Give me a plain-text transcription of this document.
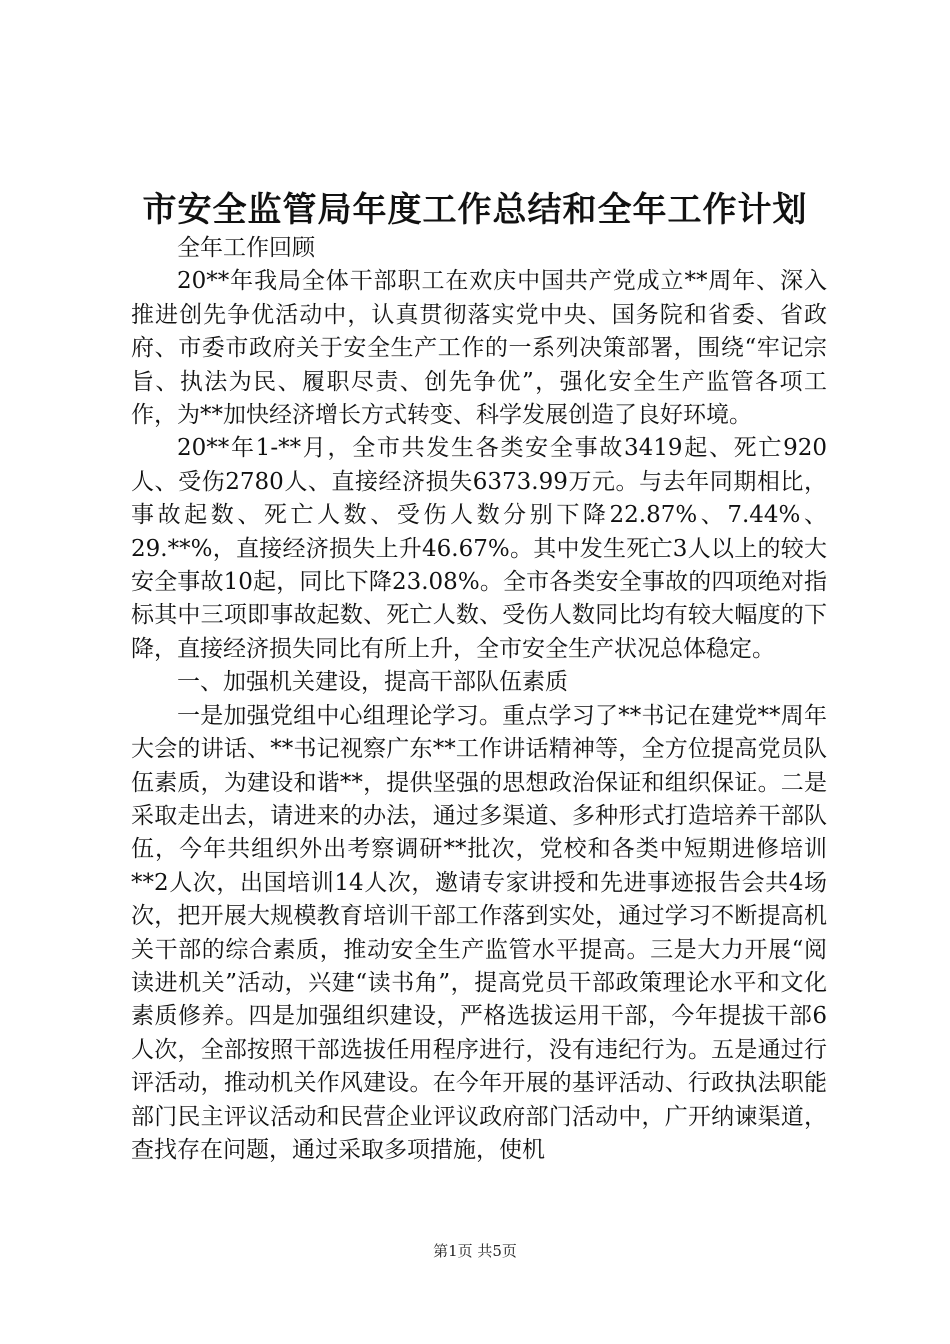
市安全监管局年度工作总结和全年工作计划

全年工作回顾

20**年我局全体干部职工在欢庆中国共产党成立**周年、深入推进创先争优活动中，认真贯彻落实党中央、国务院和省委、省政府、市委市政府关于安全生产工作的一系列决策部署，围绕“牢记宗旨、执法为民、履职尽责、创先争优”，强化安全生产监管各项工作，为**加快经济增长方式转变、科学发展创造了良好环境。

20**年1-**月，全市共发生各类安全事故3419起、死亡920人、受伤2780人、直接经济损失6373.99万元。与去年同期相比，事故起数、死亡人数、受伤人数分别下降22.87%、7.44%、29.**%，直接经济损失上升46.67%。其中发生死亡3人以上的较大安全事故10起，同比下降23.08%。全市各类安全事故的四项绝对指标其中三项即事故起数、死亡人数、受伤人数同比均有较大幅度的下降，直接经济损失同比有所上升，全市安全生产状况总体稳定。

一、加强机关建设，提高干部队伍素质

一是加强党组中心组理论学习。重点学习了**书记在建党**周年大会的讲话、**书记视察广东**工作讲话精神等，全方位提高党员队伍素质，为建设和谐**，提供坚强的思想政治保证和组织保证。二是采取走出去，请进来的办法，通过多渠道、多种形式打造培养干部队伍，今年共组织外出考察调研**批次，党校和各类中短期进修培训**2人次，出国培训14人次，邀请专家讲授和先进事迹报告会共4场次，把开展大规模教育培训干部工作落到实处，通过学习不断提高机关干部的综合素质，推动安全生产监管水平提高。三是大力开展“阅读进机关”活动，兴建“读书角”，提高党员干部政策理论水平和文化素质修养。四是加强组织建设，严格选拔运用干部，今年提拔干部6人次，全部按照干部选拔任用程序进行，没有违纪行为。五是通过行评活动，推动机关作风建设。在今年开展的基评活动、行政执法职能部门民主评议活动和民营企业评议政府部门活动中，广开纳谏渠道，查找存在问题，通过采取多项措施，使机

第1页 共5页
